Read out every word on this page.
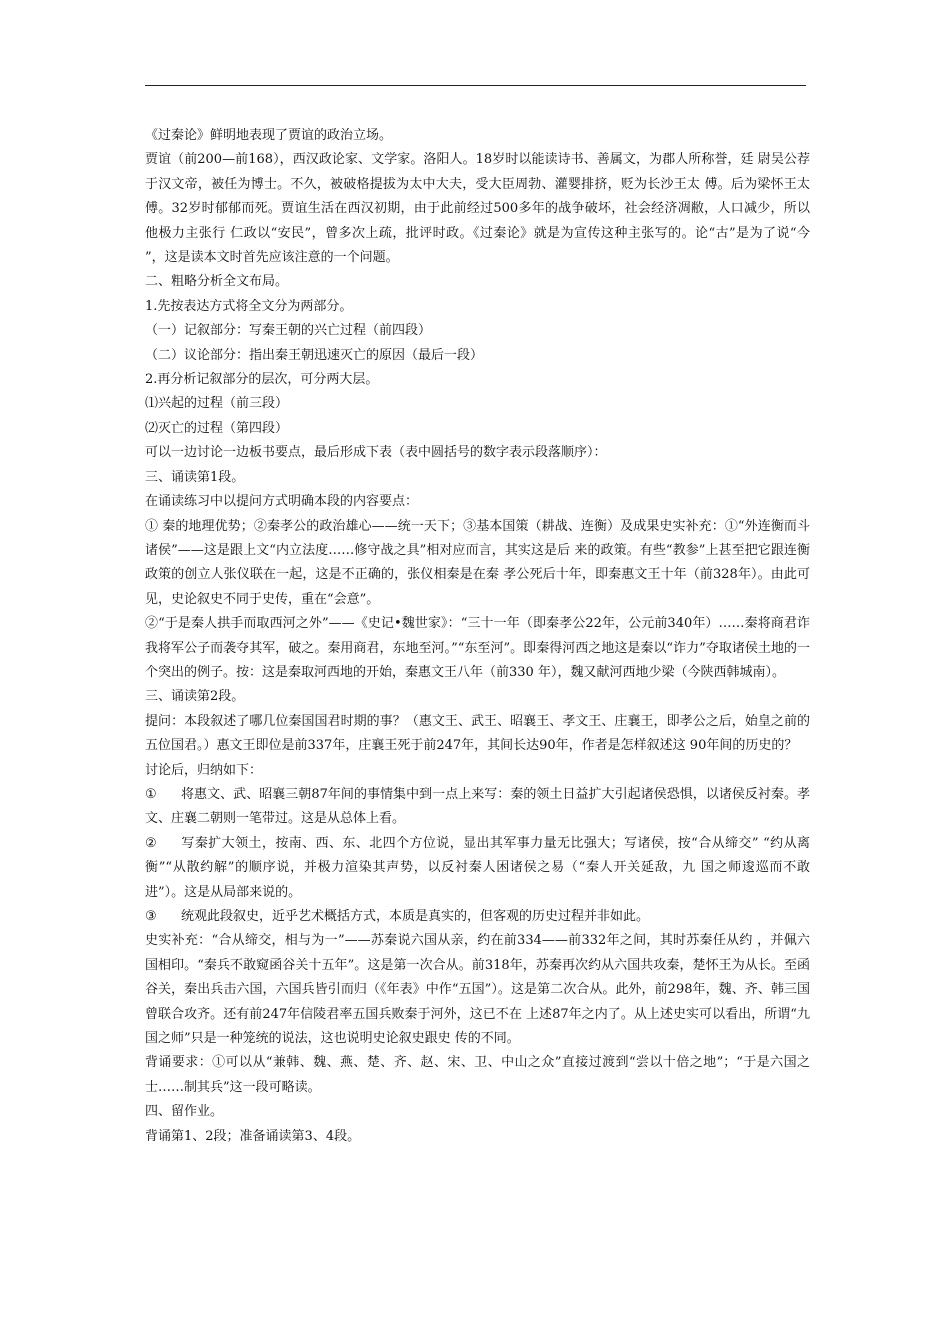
《过秦论》鲜明地表现了贾谊的政治立场。

贾谊（前200—前168），西汉政论家、文学家。洛阳人。18岁时以能读诗书、善属文，为郡人所称誉，廷 尉吴公荐于汉文帝，被任为博士。不久，被破格提拔为太中大夫，受大臣周勃、灌婴排挤，贬为长沙王太 傅。后为梁怀王太傅。32岁时郁郁而死。贾谊生活在西汉初期，由于此前经过500多年的战争破坏，社会经济凋敝，人口减少，所以他极力主张行 仁政以“安民”，曾多次上疏，批评时政。《过秦论》就是为宣传这种主张写的。论“古”是为了说“今 ”，这是读本文时首先应该注意的一个问题。

二、粗略分析全文布局。

1.先按表达方式将全文分为两部分。

（一）记叙部分：写秦王朝的兴亡过程（前四段）

（二）议论部分：指出秦王朝迅速灭亡的原因（最后一段）

2.再分析记叙部分的层次，可分两大层。

⑴兴起的过程（前三段）

⑵灭亡的过程（第四段）

可以一边讨论一边板书要点，最后形成下表（表中圆括号的数字表示段落顺序）：

三、诵读第1段。

在诵读练习中以提问方式明确本段的内容要点：

① 秦的地理优势；②秦孝公的政治雄心——统一天下；③基本国策（耕战、连衡）及成果史实补充：①“外连衡而斗诸侯”——这是跟上文“内立法度……修守战之具”相对应而言，其实这是后 来的政策。有些“教参”上甚至把它跟连衡政策的创立人张仪联在一起，这是不正确的，张仪相秦是在秦 孝公死后十年，即秦惠文王十年（前328年）。由此可见，史论叙史不同于史传，重在“会意”。

②“于是秦人拱手而取西河之外”——《史记•魏世家》：“三十一年（即秦孝公22年，公元前340年）……秦将商君诈我将军公子而袭夺其军，破之。秦用商君，东地至河。”“东至河”。即秦得河西之地这是秦以“诈力”夺取诸侯土地的一个突出的例子。按：这是秦取河西地的开始，秦惠文王八年（前330 年），魏又献河西地少梁（今陕西韩城南）。

三、诵读第2段。

提问：本段叙述了哪几位秦国国君时期的事？（惠文王、武王、昭襄王、孝文王、庄襄王，即孝公之后，始皇之前的五位国君。）惠文王即位是前337年，庄襄王死于前247年，其间长达90年，作者是怎样叙述这 90年间的历史的？

讨论后，归纳如下：

① 将惠文、武、昭襄三朝87年间的事情集中到一点上来写：秦的领土日益扩大引起诸侯恐惧，以诸侯反衬秦。孝文、庄襄二朝则一笔带过。这是从总体上看。

② 写秦扩大领土，按南、西、东、北四个方位说，显出其军事力量无比强大；写诸侯，按“合从缔交” “约从离衡”“从散约解”的顺序说，并极力渲染其声势，以反衬秦人困诸侯之易（“秦人开关延敌，九 国之师逡巡而不敢进”）。这是从局部来说的。

③ 统观此段叙史，近乎艺术概括方式，本质是真实的，但客观的历史过程并非如此。

史实补充：“合从缔交，相与为一”——苏秦说六国从亲，约在前334——前332年之间，其时苏秦任从约 ，并佩六国相印。“秦兵不敢窥函谷关十五年”。这是第一次合从。前318年，苏秦再次约从六国共攻秦，楚怀王为从长。至函谷关，秦出兵击六国，六国兵皆引而归（《年表》中作“五国”）。这是第二次合从。此外，前298年，魏、齐、韩三国曾联合攻齐。还有前247年信陵君率五国兵败秦于河外，这已不在 上述87年之内了。从上述史实可以看出，所谓“九国之师”只是一种笼统的说法，这也说明史论叙史跟史 传的不同。

背诵要求：①可以从“兼韩、魏、燕、楚、齐、赵、宋、卫、中山之众”直接过渡到“尝以十倍之地”；“于是六国之士……制其兵”这一段可略读。

四、留作业。

背诵第1、2段；准备诵读第3、4段。
